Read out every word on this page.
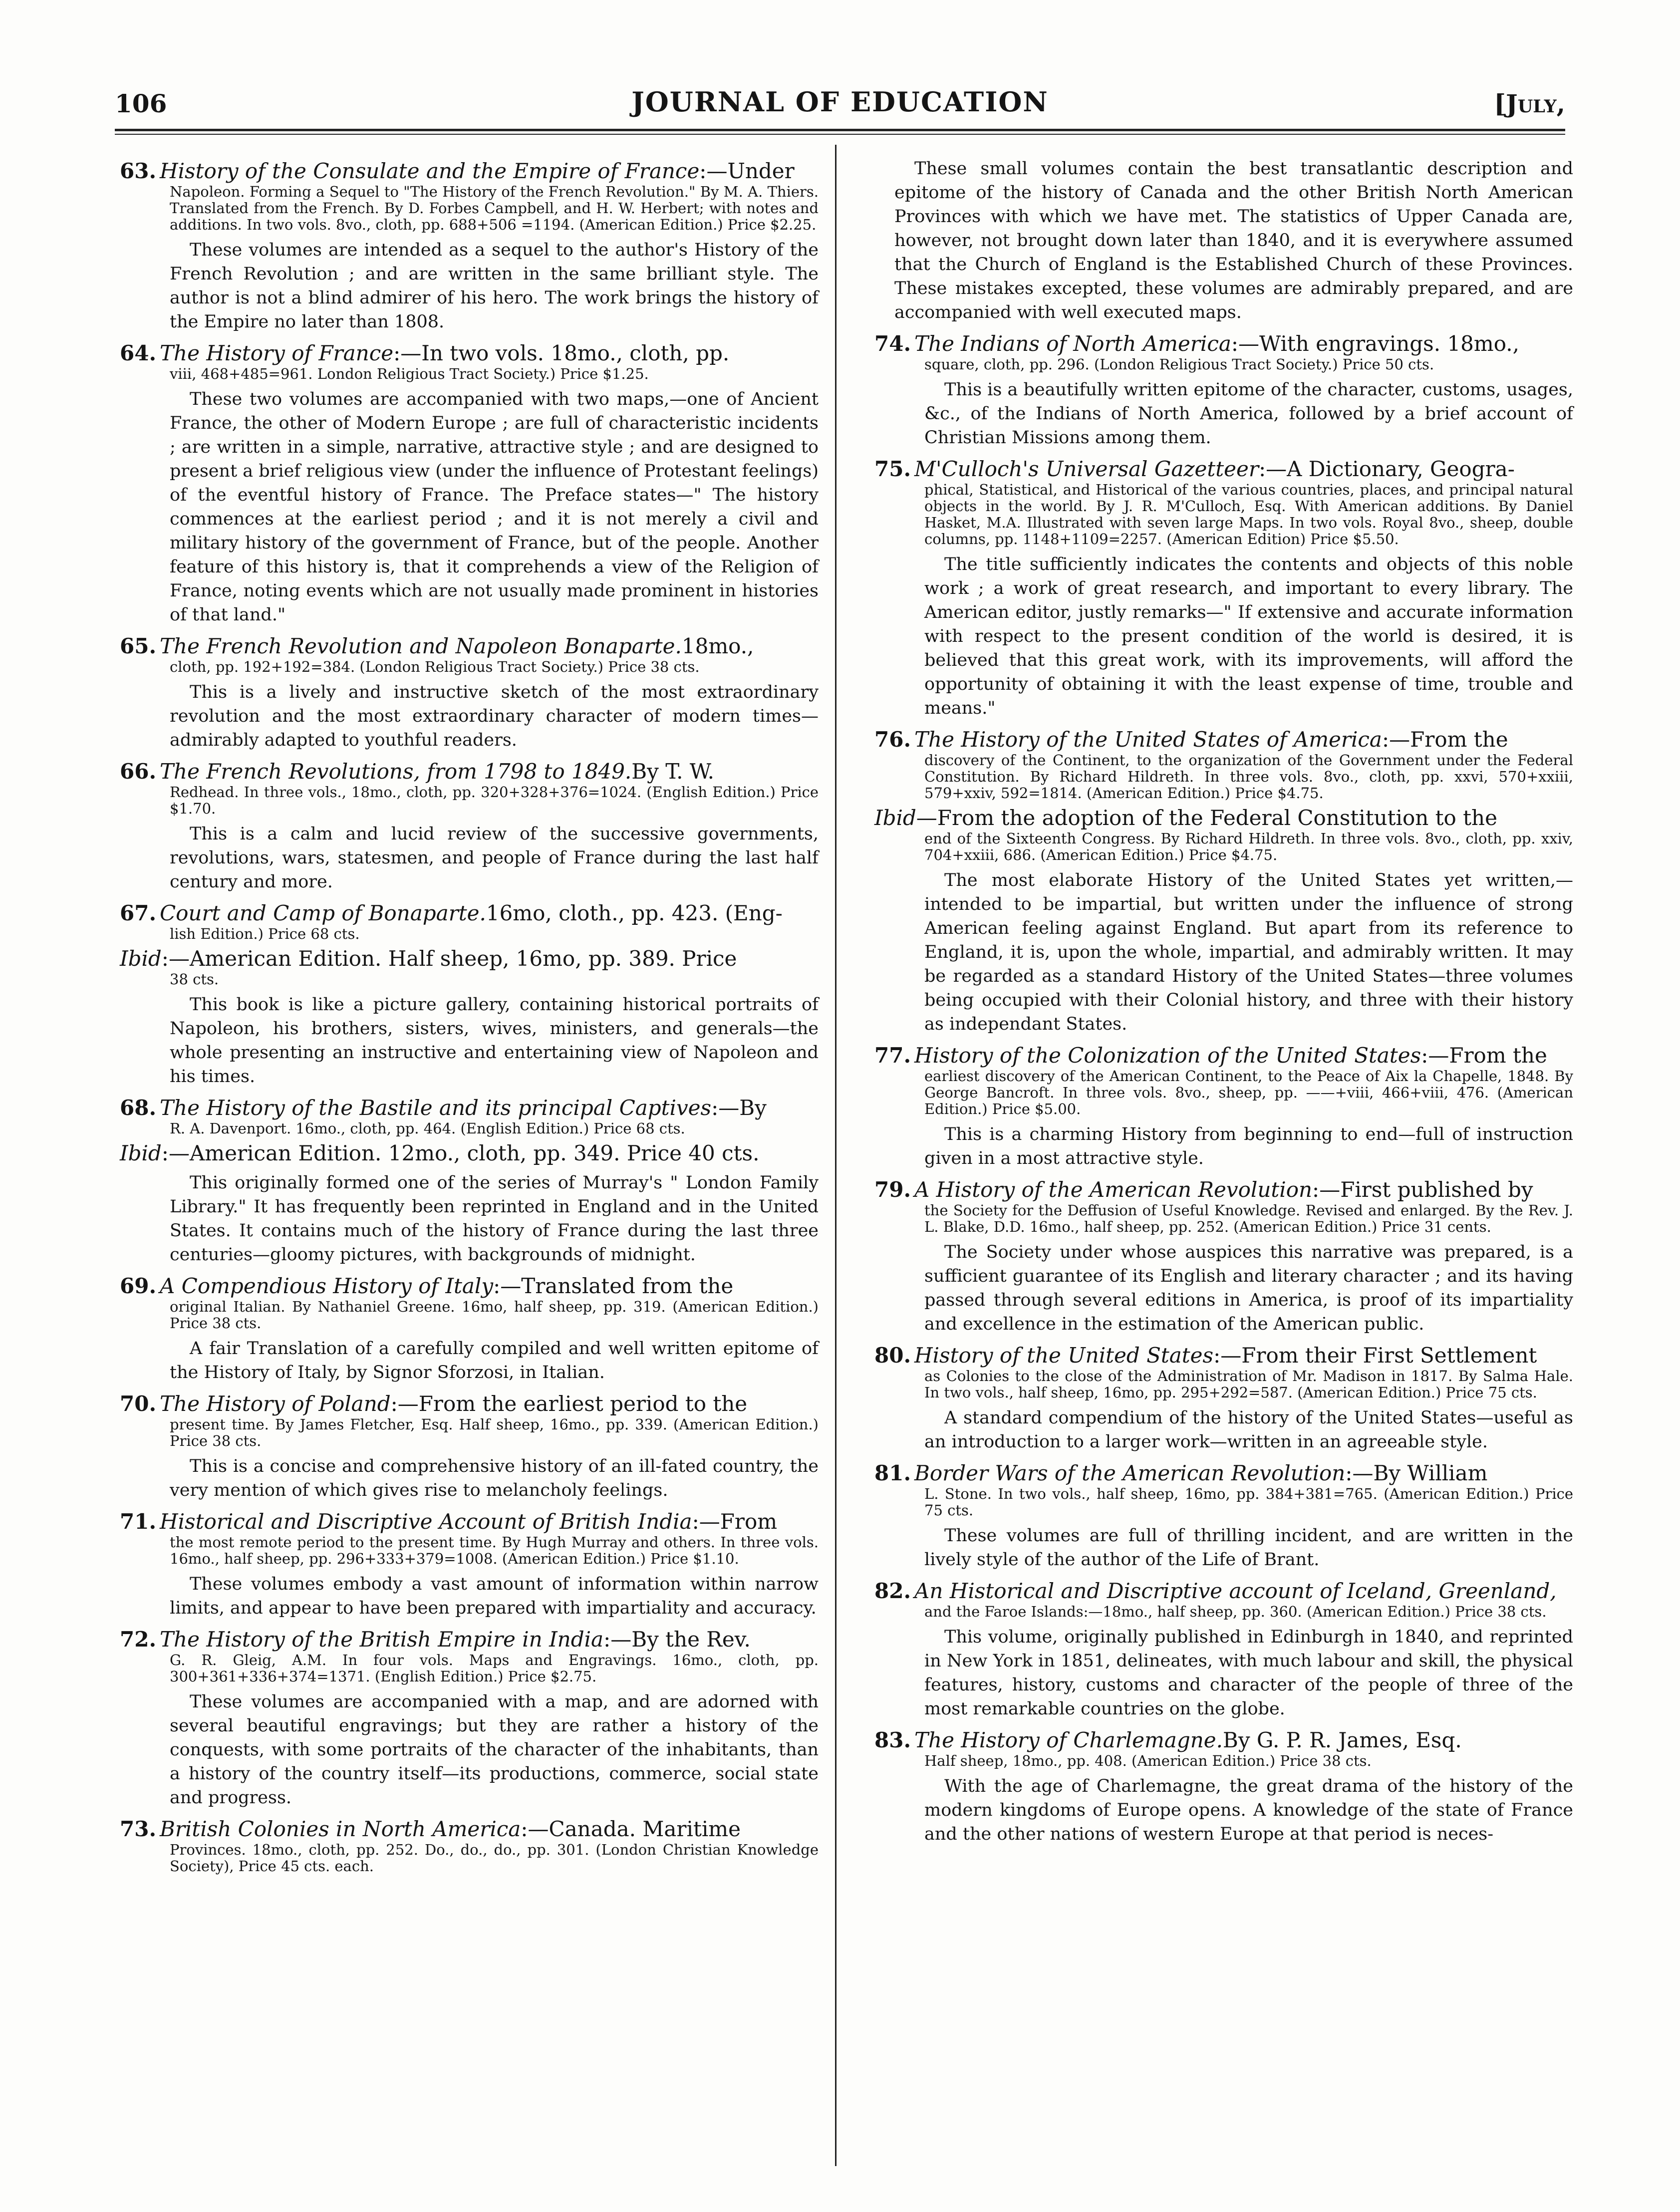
106	JOURNAL OF EDUCATION	[July,
63. History of the Consulate and the Empire of France:—Under
Napoleon. Forming a Sequel to "The History of the French Revolution." By M. A. Thiers. Translated from the French. By D. Forbes Campbell, and H. W. Herbert; with notes and additions. In two vols. 8vo., cloth, pp. 688+506 =1194. (American Edition.) Price $2.25.

These volumes are intended as a sequel to the author's History of the French Revolution ; and are written in the same brilliant style. The author is not a blind admirer of his hero. The work brings the history of the Empire no later than 1808.

64. The History of France:—In two vols. 18mo., cloth, pp.
viii, 468+485=961. London Religious Tract Society.) Price $1.25.

These two volumes are accompanied with two maps,—one of Ancient France, the other of Modern Europe ; are full of characteristic incidents ; are written in a simple, narrative, attractive style ; and are designed to present a brief religious view (under the influence of Protestant feelings) of the eventful history of France. The Preface states—" The history commences at the earliest period ; and it is not merely a civil and military history of the government of France, but of the people. Another feature of this history is, that it comprehends a view of the Religion of France, noting events which are not usually made prominent in histories of that land."

65. The French Revolution and Napoleon Bonaparte.18mo.,
cloth, pp. 192+192=384. (London Religious Tract Society.) Price 38 cts.

This is a lively and instructive sketch of the most extraordinary revolution and the most extraordinary character of modern times—admirably adapted to youthful readers.

66. The French Revolutions, from 1798 to 1849.By T. W.
Redhead. In three vols., 18mo., cloth, pp. 320+328+376=1024. (English Edition.) Price $1.70.

This is a calm and lucid review of the successive governments, revolutions, wars, statesmen, and people of France during the last half century and more.

67. Court and Camp of Bonaparte.16mo, cloth., pp. 423. (Eng-
lish Edition.) Price 68 cts.
Ibid:—American Edition. Half sheep, 16mo, pp. 389. Price
38 cts.

This book is like a picture gallery, containing historical portraits of Napoleon, his brothers, sisters, wives, ministers, and generals—the whole presenting an instructive and entertaining view of Napoleon and his times.

68. The History of the Bastile and its principal Captives:—By
R. A. Davenport. 16mo., cloth, pp. 464. (English Edition.) Price 68 cts.
Ibid:—American Edition. 12mo., cloth, pp. 349. Price 40 cts.

This originally formed one of the series of Murray's " London Family Library." It has frequently been reprinted in England and in the United States. It contains much of the history of France during the last three centuries—gloomy pictures, with backgrounds of midnight.

69. A Compendious History of Italy:—Translated from the
original Italian. By Nathaniel Greene. 16mo, half sheep, pp. 319. (American Edition.) Price 38 cts.

A fair Translation of a carefully compiled and well written epitome of the History of Italy, by Signor Sforzosi, in Italian.

70. The History of Poland:—From the earliest period to the
present time. By James Fletcher, Esq. Half sheep, 16mo., pp. 339. (American Edition.) Price 38 cts.

This is a concise and comprehensive history of an ill-fated country, the very mention of which gives rise to melancholy feelings.

71. Historical and Discriptive Account of British India:—From
the most remote period to the present time. By Hugh Murray and others. In three vols. 16mo., half sheep, pp. 296+333+379=1008. (American Edition.) Price $1.10.

These volumes embody a vast amount of information within narrow limits, and appear to have been prepared with impartiality and accuracy.

72. The History of the British Empire in India:—By the Rev.
G. R. Gleig, A.M. In four vols. Maps and Engravings. 16mo., cloth, pp. 300+361+336+374=1371. (English Edition.) Price $2.75.

These volumes are accompanied with a map, and are adorned with several beautiful engravings; but they are rather a history of the conquests, with some portraits of the character of the inhabitants, than a history of the country itself—its productions, commerce, social state and progress.

73. British Colonies in North America:—Canada. Maritime
Provinces. 18mo., cloth, pp. 252. Do., do., do., pp. 301. (London Christian Knowledge Society), Price 45 cts. each.

These small volumes contain the best transatlantic description and epitome of the history of Canada and the other British North American Provinces with which we have met. The statistics of Upper Canada are, however, not brought down later than 1840, and it is everywhere assumed that the Church of England is the Established Church of these Provinces. These mistakes excepted, these volumes are admirably prepared, and are accompanied with well executed maps.

74. The Indians of North America:—With engravings. 18mo.,
square, cloth, pp. 296. (London Religious Tract Society.) Price 50 cts.

This is a beautifully written epitome of the character, customs, usages, &c., of the Indians of North America, followed by a brief account of Christian Missions among them.

75. M'Culloch's Universal Gazetteer:—A Dictionary, Geogra-
phical, Statistical, and Historical of the various countries, places, and principal natural objects in the world. By J. R. M'Culloch, Esq. With American additions. By Daniel Hasket, M.A. Illustrated with seven large Maps. In two vols. Royal 8vo., sheep, double columns, pp. 1148+1109=2257. (American Edition) Price $5.50.

The title sufficiently indicates the contents and objects of this noble work ; a work of great research, and important to every library. The American editor, justly remarks—" If extensive and accurate information with respect to the present condition of the world is desired, it is believed that this great work, with its improvements, will afford the opportunity of obtaining it with the least expense of time, trouble and means."

76. The History of the United States of America:—From the
discovery of the Continent, to the organization of the Government under the Federal Constitution. By Richard Hildreth. In three vols. 8vo., cloth, pp. xxvi, 570+xxiii, 579+xxiv, 592=1814. (American Edition.) Price $4.75.
Ibid—From the adoption of the Federal Constitution to the
end of the Sixteenth Congress. By Richard Hildreth. In three vols. 8vo., cloth, pp. xxiv, 704+xxiii, 686. (American Edition.) Price $4.75.

The most elaborate History of the United States yet written,—intended to be impartial, but written under the influence of strong American feeling against England. But apart from its reference to England, it is, upon the whole, impartial, and admirably written. It may be regarded as a standard History of the United States—three volumes being occupied with their Colonial history, and three with their history as independant States.

77. History of the Colonization of the United States:—From the
earliest discovery of the American Continent, to the Peace of Aix la Chapelle, 1848. By George Bancroft. In three vols. 8vo., sheep, pp. ——+viii, 466+viii, 476. (American Edition.) Price $5.00.

This is a charming History from beginning to end—full of instruction given in a most attractive style.

79. A History of the American Revolution:—First published by
the Society for the Deffusion of Useful Knowledge. Revised and enlarged. By the Rev. J. L. Blake, D.D. 16mo., half sheep, pp. 252. (American Edition.) Price 31 cents.

The Society under whose auspices this narrative was prepared, is a sufficient guarantee of its English and literary character ; and its having passed through several editions in America, is proof of its impartiality and excellence in the estimation of the American public.

80. History of the United States:—From their First Settlement
as Colonies to the close of the Administration of Mr. Madison in 1817. By Salma Hale. In two vols., half sheep, 16mo, pp. 295+292=587. (American Edition.) Price 75 cts.

A standard compendium of the history of the United States—useful as an introduction to a larger work—written in an agreeable style.

81. Border Wars of the American Revolution:—By William
L. Stone. In two vols., half sheep, 16mo, pp. 384+381=765. (American Edition.) Price 75 cts.

These volumes are full of thrilling incident, and are written in the lively style of the author of the Life of Brant.

82. An Historical and Discriptive account of Iceland, Greenland,
and the Faroe Islands:—18mo., half sheep, pp. 360. (American Edition.) Price 38 cts.

This volume, originally published in Edinburgh in 1840, and reprinted in New York in 1851, delineates, with much labour and skill, the physical features, history, customs and character of the people of three of the most remarkable countries on the globe.

83. The History of Charlemagne.By G. P. R. James, Esq.
Half sheep, 18mo., pp. 408. (American Edition.) Price 38 cts.

With the age of Charlemagne, the great drama of the history of the modern kingdoms of Europe opens. A knowledge of the state of France and the other nations of western Europe at that period is neces-
